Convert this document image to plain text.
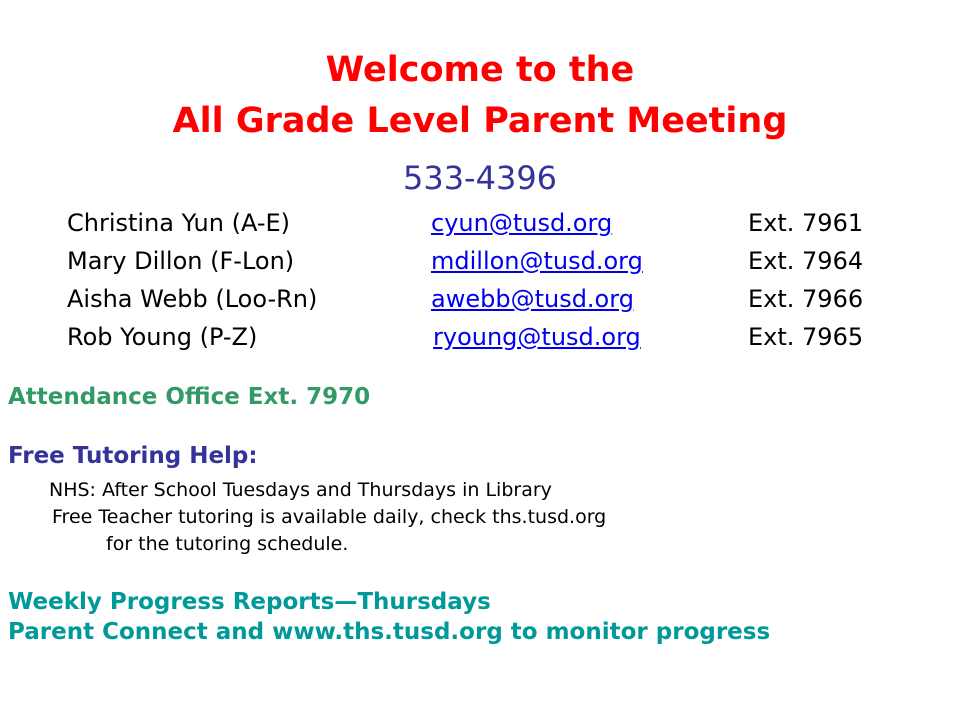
Welcome to the
All Grade Level Parent Meeting
533-4396
Christina Yun (A-E)	cyun@tusd.org	Ext. 7961
Mary Dillon (F-Lon)	mdillon@tusd.org	Ext. 7964
Aisha Webb (Loo-Rn)	awebb@tusd.org	Ext. 7966
Rob Young (P-Z)	ryoung@tusd.org	Ext. 7965
Attendance Office Ext. 7970
Free Tutoring Help:
NHS: After School Tuesdays and Thursdays in Library
Free Teacher tutoring is available daily, check ths.tusd.org
for the tutoring schedule.
Weekly Progress Reports—Thursdays
Parent Connect and www.ths.tusd.org to monitor progress
